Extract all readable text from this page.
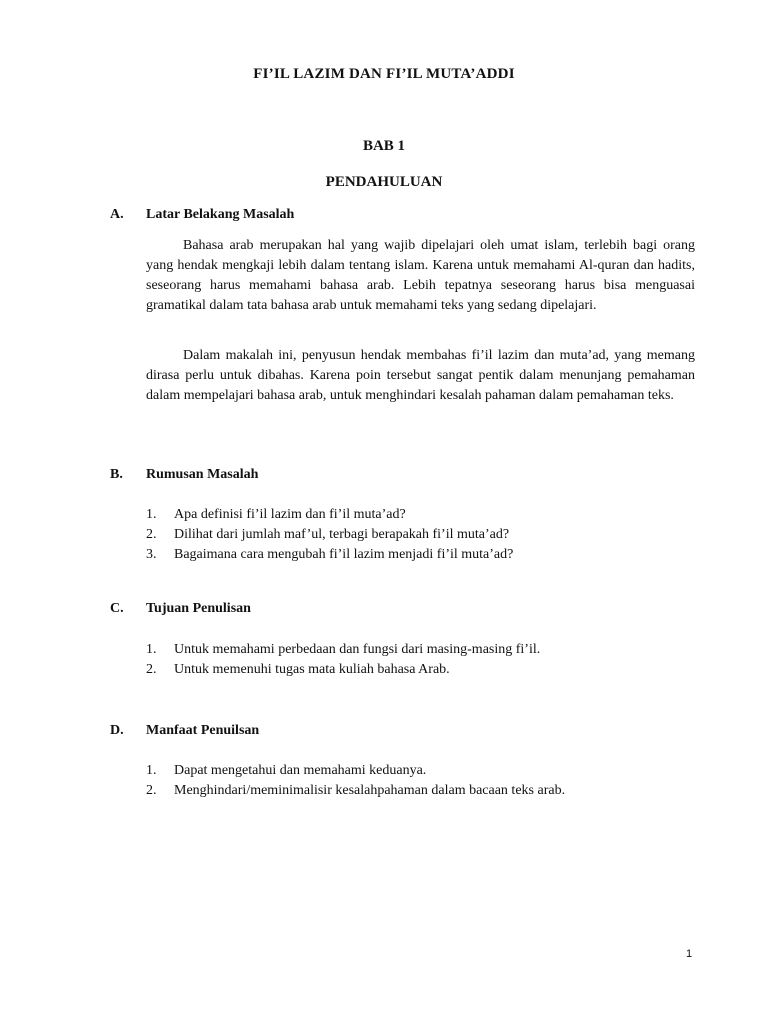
FI’IL LAZIM DAN FI’IL MUTA’ADDI
BAB 1
PENDAHULUAN
A. Latar Belakang Masalah

Bahasa arab merupakan hal yang wajib dipelajari oleh umat islam, terlebih bagi orang yang hendak mengkaji lebih dalam tentang islam. Karena untuk memahami Al-quran dan hadits, seseorang harus memahami bahasa arab. Lebih tepatnya seseorang harus bisa menguasai gramatikal dalam tata bahasa arab untuk memahami teks yang sedang dipelajari.

Dalam makalah ini, penyusun hendak membahas fi’il lazim dan muta’ad, yang memang dirasa perlu untuk dibahas. Karena poin tersebut sangat pentik dalam menunjang pemahaman dalam mempelajari bahasa arab, untuk menghindari kesalah pahaman dalam pemahaman teks.

B. Rumusan Masalah
1. Apa definisi fi’il lazim dan fi’il muta’ad?
2. Dilihat dari jumlah maf’ul, terbagi berapakah fi’il muta’ad?
3. Bagaimana cara mengubah fi’il lazim menjadi fi’il muta’ad?
C. Tujuan Penulisan
1. Untuk memahami perbedaan dan fungsi dari masing-masing fi’il.
2. Untuk memenuhi tugas mata kuliah bahasa Arab.
D. Manfaat Penuilsan
1. Dapat mengetahui dan memahami keduanya.
2. Menghindari/meminimalisir kesalahpahaman dalam bacaan teks arab.

1
